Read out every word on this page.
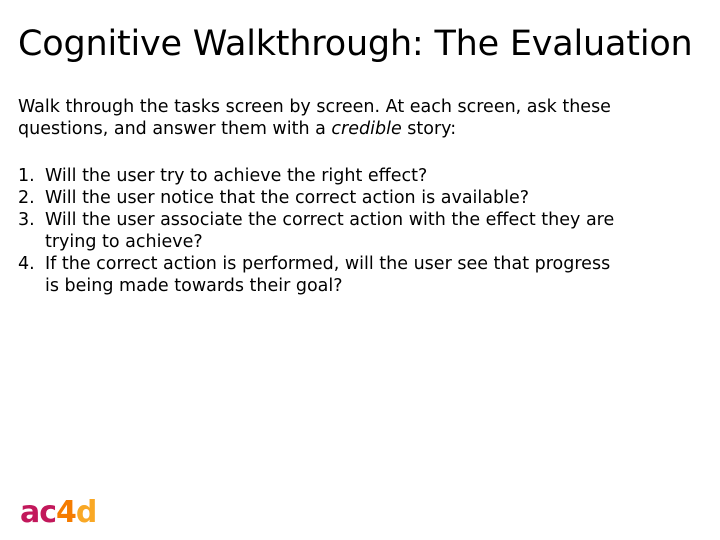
Cognitive Walkthrough: The Evaluation
Walk through the tasks screen by screen. At each screen, ask these questions, and answer them with a credible story:
1. Will the user try to achieve the right effect?
2. Will the user notice that the correct action is available?
3. Will the user associate the correct action with the effect they are trying to achieve?
4. If the correct action is performed, will the user see that progress is being made towards their goal?
ac 4 d
